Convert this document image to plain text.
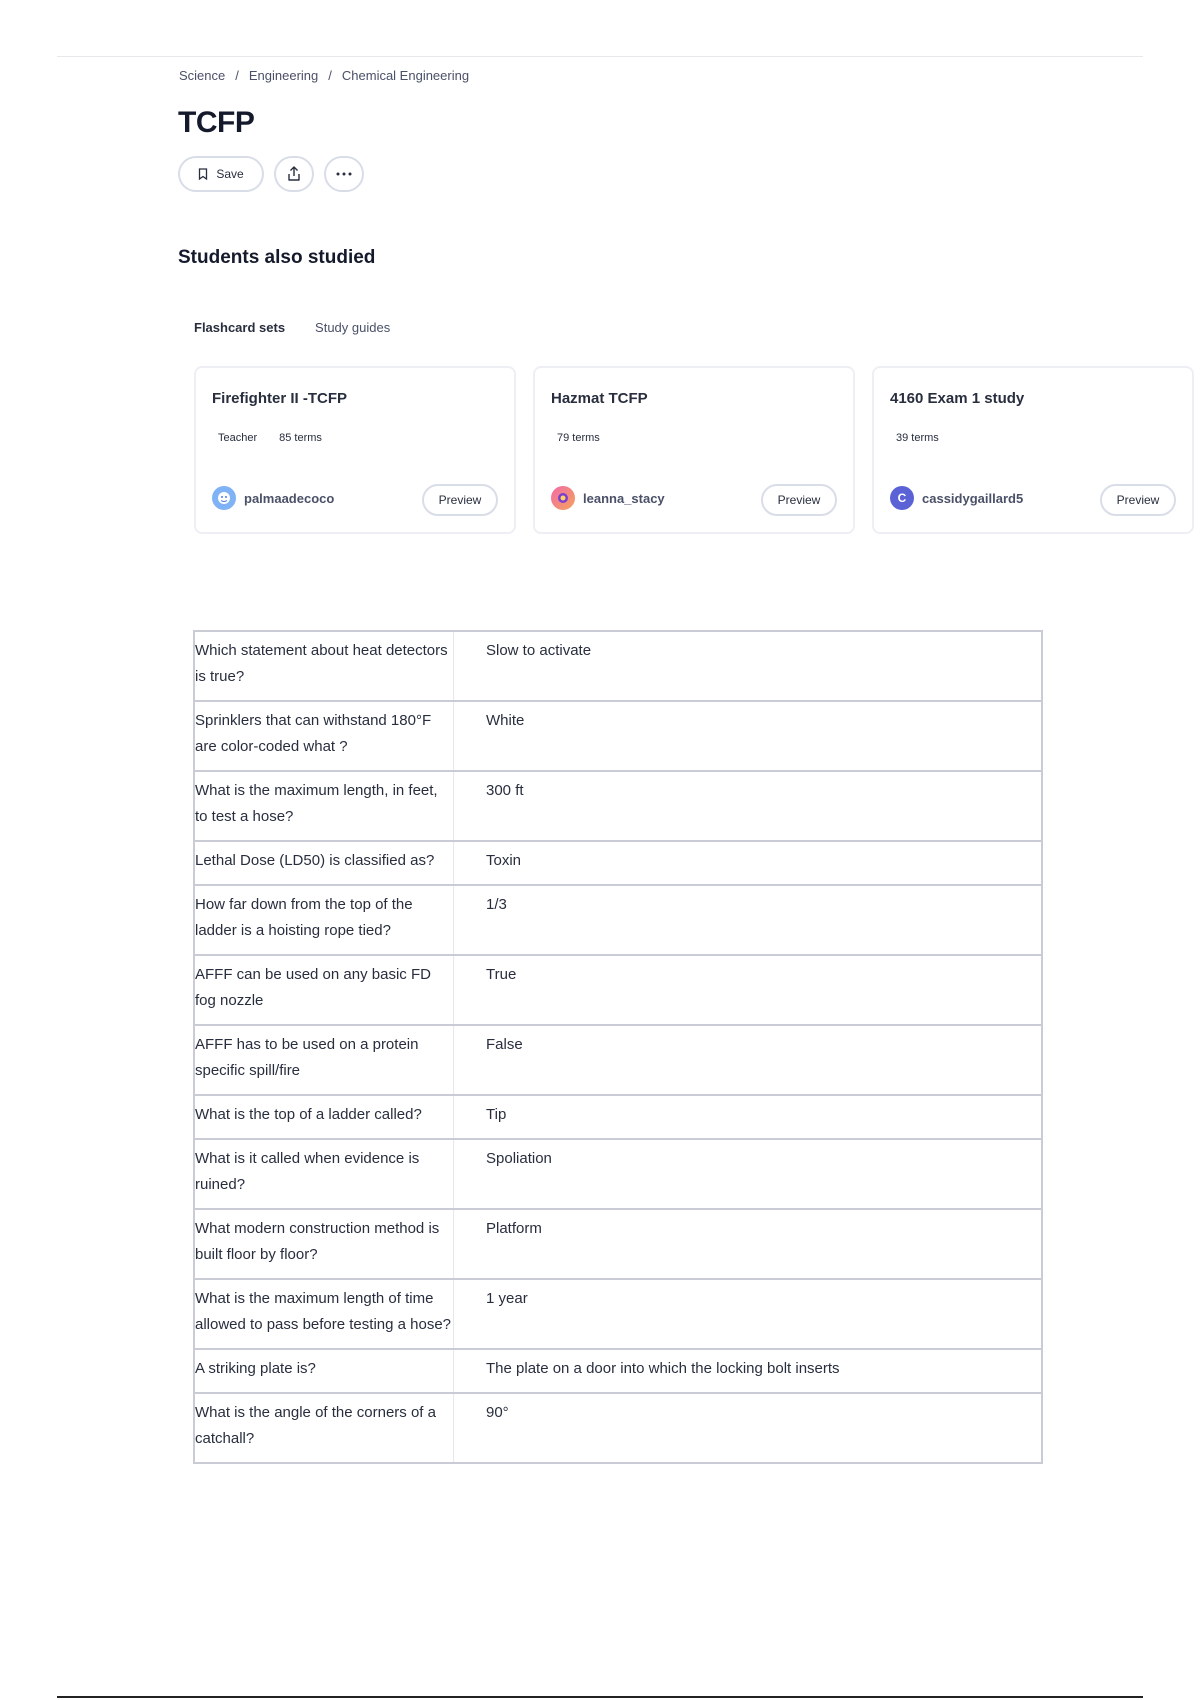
Science / Engineering / Chemical Engineering
TCFP
Save
Students also studied
Flashcard sets Study guides
Firefighter II -TCFP
Teacher 85 terms
palmaadecoco	Preview
Hazmat TCFP
79 terms
leanna_stacy	Preview
4160 Exam 1 study
39 terms
C	cassidygaillard5	Preview
Which statement about heat detectors is true?	Slow to activate
Sprinklers that can withstand 180°F are color-coded what ?	White
What is the maximum length, in feet, to test a hose?	300 ft
Lethal Dose (LD50) is classified as?	Toxin
How far down from the top of the ladder is a hoisting rope tied?	1/3
AFFF can be used on any basic FD fog nozzle	True
AFFF has to be used on a protein specific spill/fire	False
What is the top of a ladder called?	Tip
What is it called when evidence is ruined?	Spoliation
What modern construction method is built floor by floor?	Platform
What is the maximum length of time allowed to pass before testing a hose?	1 year
A striking plate is?	The plate on a door into which the locking bolt inserts
What is the angle of the corners of a catchall?	90°
